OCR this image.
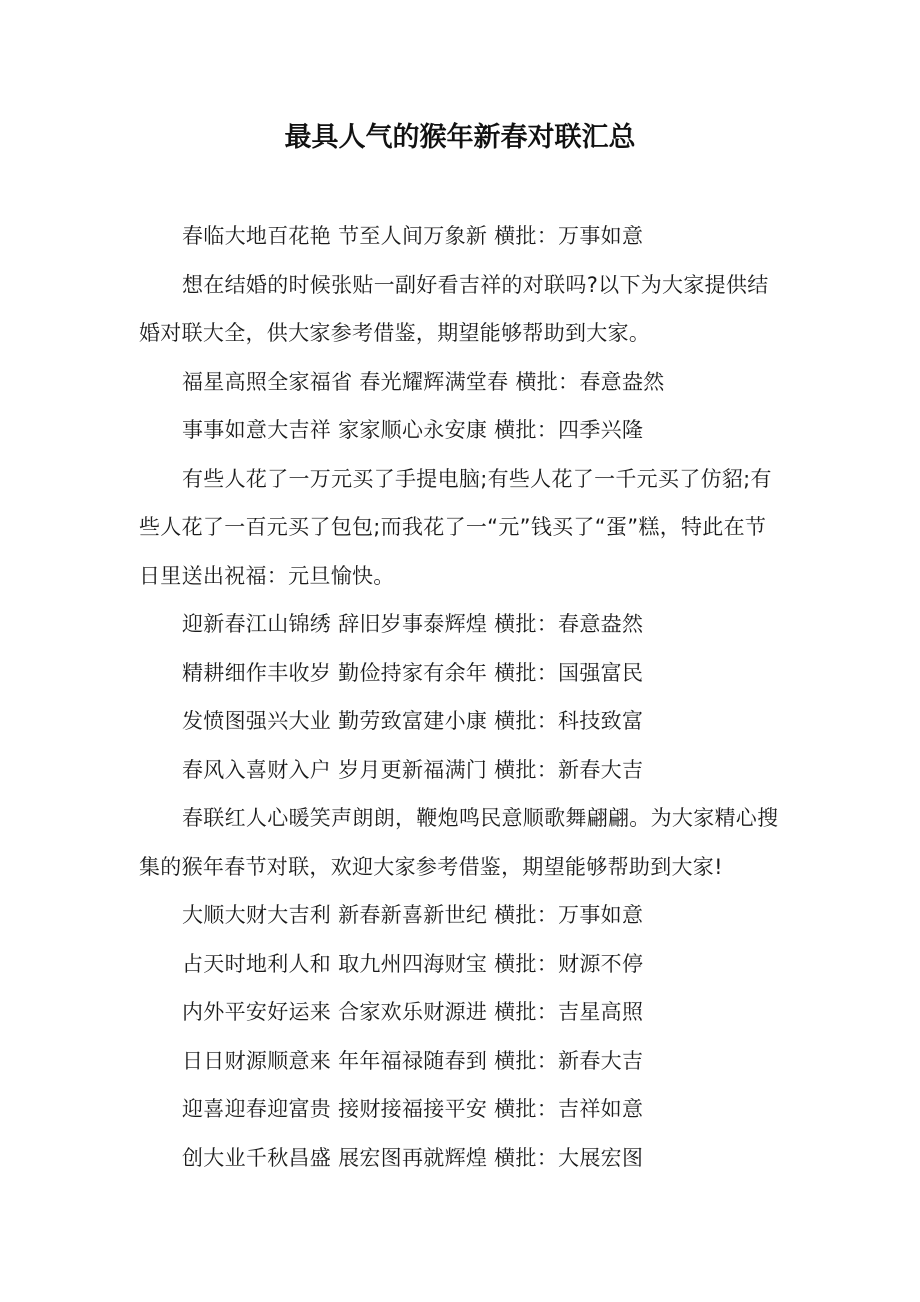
最具人气的猴年新春对联汇总

春临大地百花艳 节至人间万象新 横批：万事如意

想在结婚的时候张贴一副好看吉祥的对联吗?以下为大家提供结婚对联大全，供大家参考借鉴，期望能够帮助到大家。

福星高照全家福省 春光耀辉满堂春 横批：春意盎然

事事如意大吉祥 家家顺心永安康 横批：四季兴隆

有些人花了一万元买了手提电脑;有些人花了一千元买了仿貂;有些人花了一百元买了包包;而我花了一“元”钱买了“蛋”糕，特此在节日里送出祝福：元旦愉快。

迎新春江山锦绣 辞旧岁事泰辉煌 横批：春意盎然

精耕细作丰收岁 勤俭持家有余年 横批：国强富民

发愤图强兴大业 勤劳致富建小康 横批：科技致富

春风入喜财入户 岁月更新福满门 横批：新春大吉

春联红人心暖笑声朗朗，鞭炮鸣民意顺歌舞翩翩。为大家精心搜集的猴年春节对联，欢迎大家参考借鉴，期望能够帮助到大家!

大顺大财大吉利 新春新喜新世纪 横批：万事如意

占天时地利人和 取九州四海财宝 横批：财源不停

内外平安好运来 合家欢乐财源进 横批：吉星高照

日日财源顺意来 年年福禄随春到 横批：新春大吉

迎喜迎春迎富贵 接财接福接平安 横批：吉祥如意

创大业千秋昌盛 展宏图再就辉煌 横批：大展宏图
